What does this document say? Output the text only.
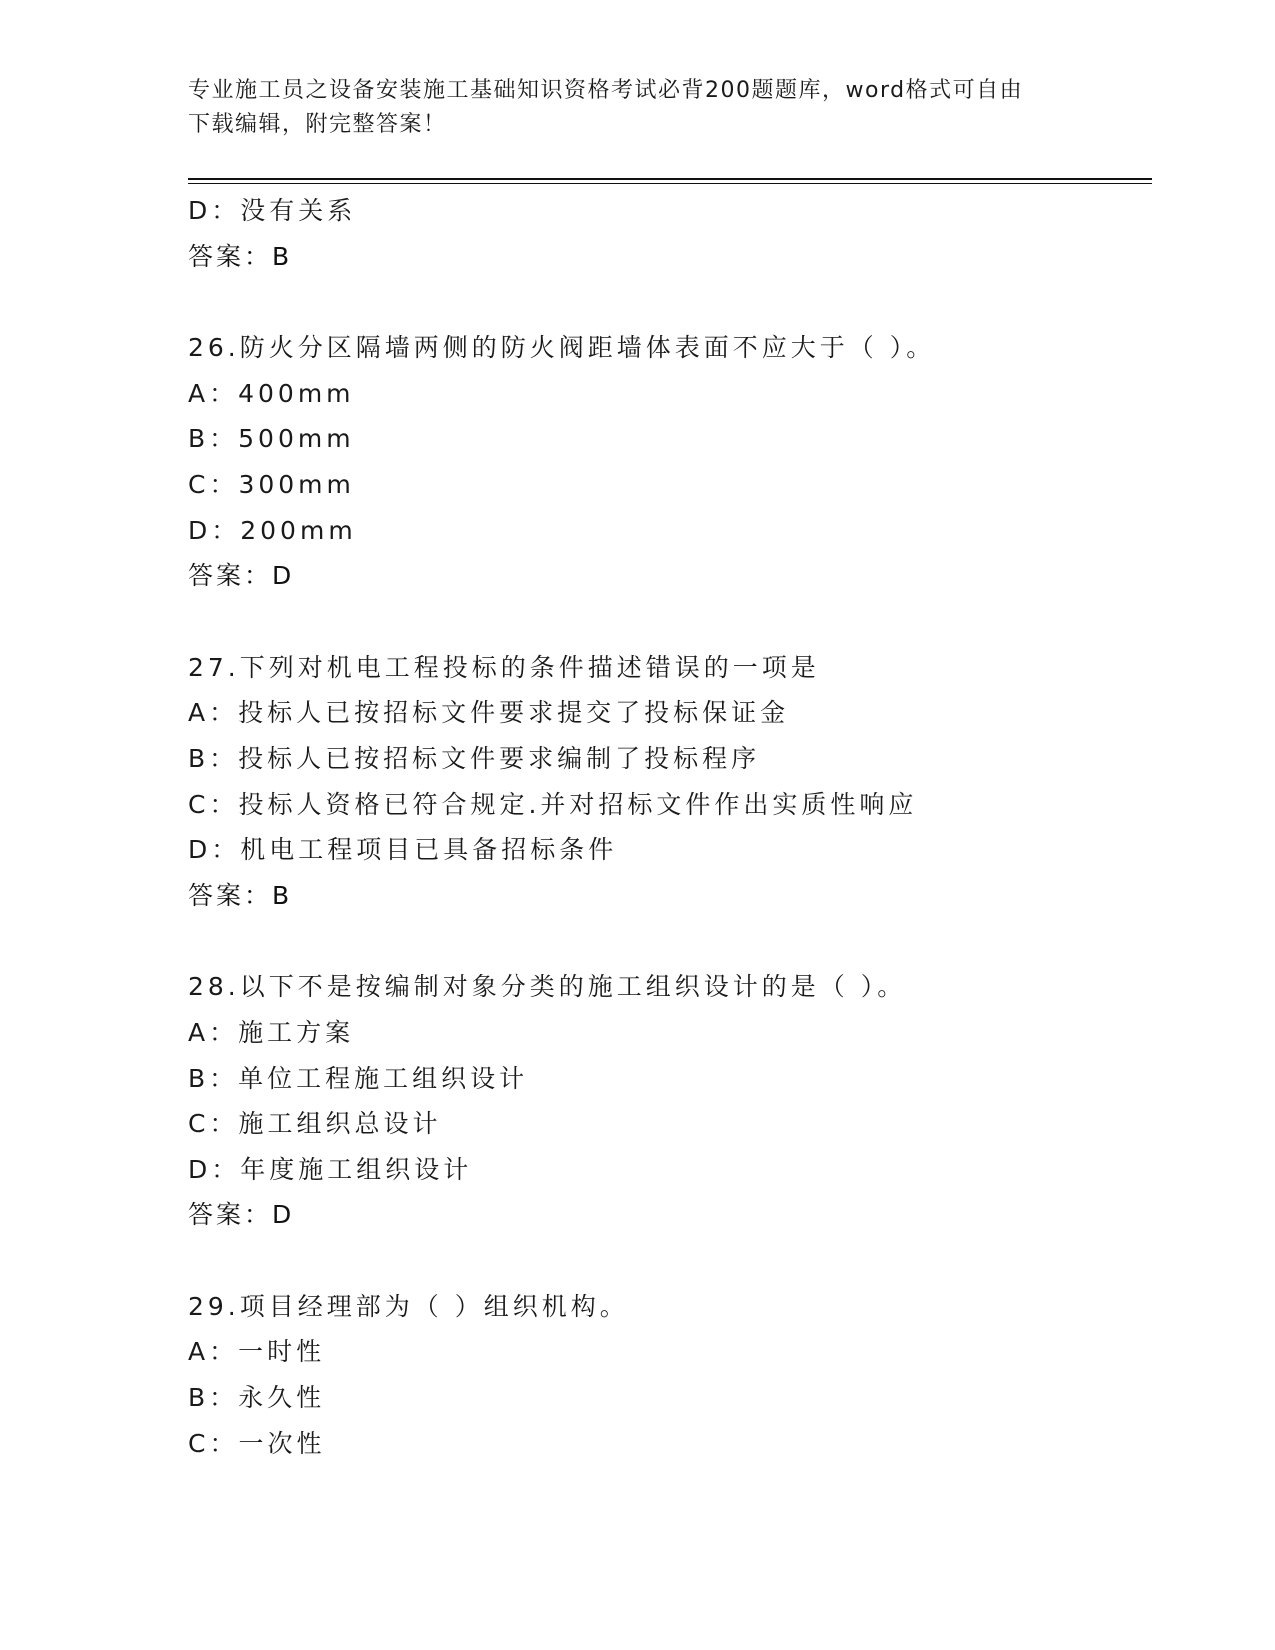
专业施工员之设备安装施工基础知识资格考试必背200题题库，word格式可自由
下载编辑，附完整答案！
D：没有关系
答案：B
26.防火分区隔墙两侧的防火阀距墙体表面不应大于（ ）。
A：400mm
B：500mm
C：300mm
D：200mm
答案：D
27.下列对机电工程投标的条件描述错误的一项是
A：投标人已按招标文件要求提交了投标保证金
B：投标人已按招标文件要求编制了投标程序
C：投标人资格已符合规定.并对招标文件作出实质性响应
D：机电工程项目已具备招标条件
答案：B
28.以下不是按编制对象分类的施工组织设计的是（ ）。
A：施工方案
B：单位工程施工组织设计
C：施工组织总设计
D：年度施工组织设计
答案：D
29.项目经理部为（ ）组织机构。
A：一时性
B：永久性
C：一次性
